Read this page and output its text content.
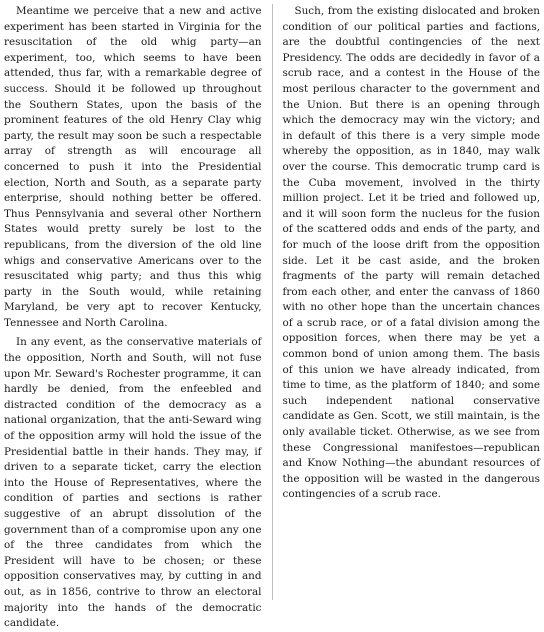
Meantime we perceive that a new and active experiment has been started in Virginia for the resuscitation of the old whig party—an experiment, too, which seems to have been attended, thus far, with a remarkable degree of success. Should it be followed up throughout the Southern States, upon the basis of the prominent features of the old Henry Clay whig party, the result may soon be such a respectable array of strength as will encourage all concerned to push it into the Presidential election, North and South, as a separate party enterprise, should nothing better be offered. Thus Pennsylvania and several other Northern States would pretty surely be lost to the republicans, from the diversion of the old line whigs and conservative Americans over to the resuscitated whig party; and thus this whig party in the South would, while retaining Maryland, be very apt to recover Kentucky, Tennessee and North Carolina.

In any event, as the conservative materials of the opposition, North and South, will not fuse upon Mr. Seward's Rochester programme, it can hardly be denied, from the enfeebled and distracted condition of the democracy as a national organization, that the anti-Seward wing of the opposition army will hold the issue of the Presidential battle in their hands. They may, if driven to a separate ticket, carry the election into the House of Representatives, where the condition of parties and sections is rather suggestive of an abrupt dissolution of the government than of a compromise upon any one of the three candidates from which the President will have to be chosen; or these opposition conservatives may, by cutting in and out, as in 1856, contrive to throw an electoral majority into the hands of the democratic candidate.

Such, from the existing dislocated and broken condition of our political parties and factions, are the doubtful contingencies of the next Presidency. The odds are decidedly in favor of a scrub race, and a contest in the House of the most perilous character to the government and the Union. But there is an opening through which the democracy may win the victory; and in default of this there is a very simple mode whereby the opposition, as in 1840, may walk over the course. This democratic trump card is the Cuba movement, involved in the thirty million project. Let it be tried and followed up, and it will soon form the nucleus for the fusion of the scattered odds and ends of the party, and for much of the loose drift from the opposition side. Let it be cast aside, and the broken fragments of the party will remain detached from each other, and enter the canvass of 1860 with no other hope than the uncertain chances of a scrub race, or of a fatal division among the opposition forces, when there may be yet a common bond of union among them. The basis of this union we have already indicated, from time to time, as the platform of 1840; and some such independent national conservative candidate as Gen. Scott, we still maintain, is the only available ticket. Otherwise, as we see from these Congressional manifestoes—republican and Know Nothing—the abundant resources of the opposition will be wasted in the dangerous contingencies of a scrub race.
